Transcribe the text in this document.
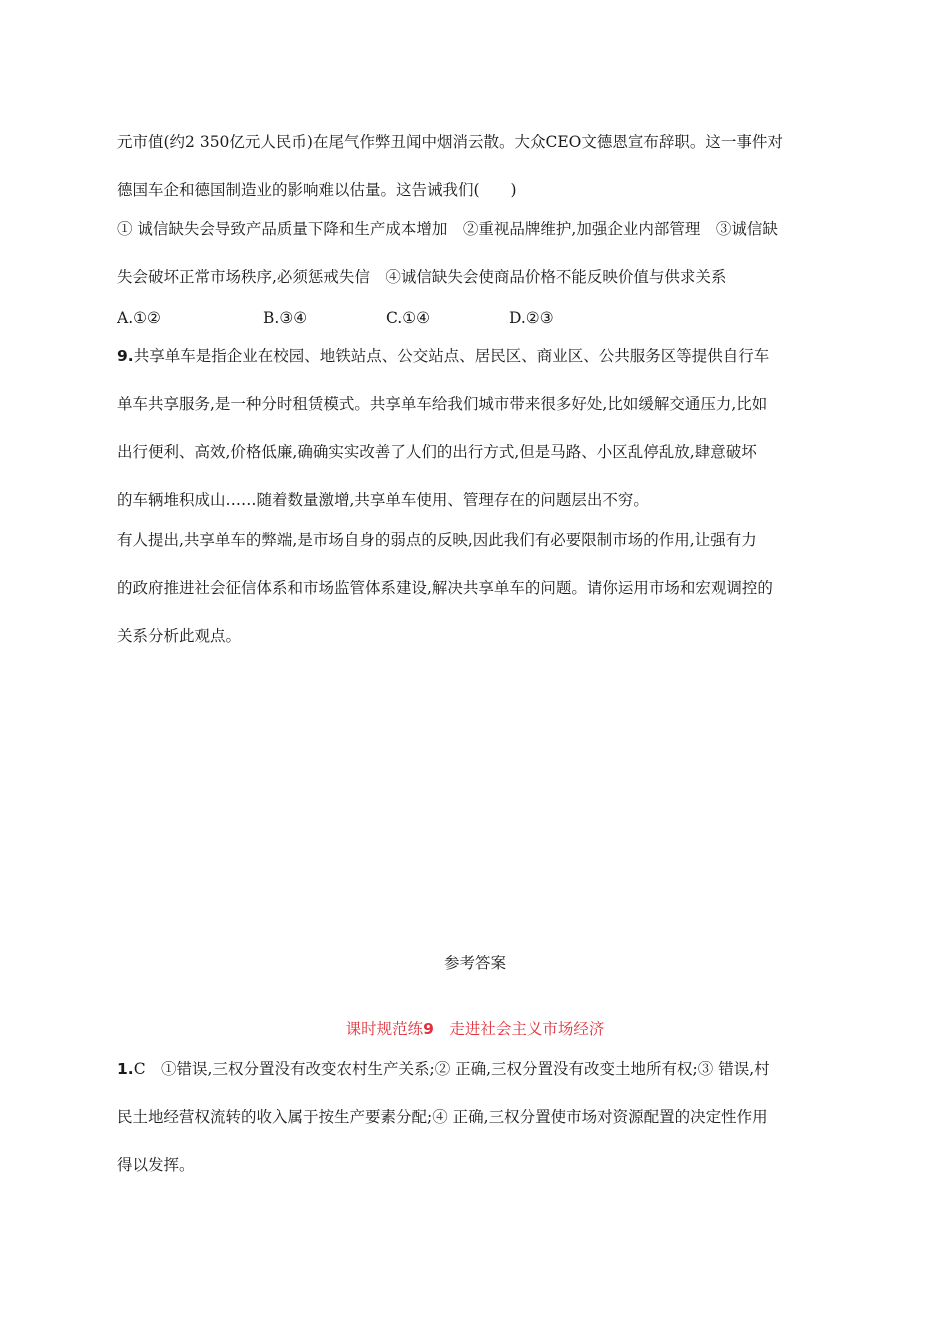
元市值(约2 350亿元人民币)在尾气作弊丑闻中烟消云散。大众CEO文德恩宣布辞职。这一事件对
德国车企和德国制造业的影响难以估量。这告诫我们(　　)
① 诚信缺失会导致产品质量下降和生产成本增加　②重视品牌维护,加强企业内部管理　③诚信缺
失会破坏正常市场秩序,必须惩戒失信　④诚信缺失会使商品价格不能反映价值与供求关系
A.①②	B.③④	C.①④	D.②③
9.共享单车是指企业在校园、地铁站点、公交站点、居民区、商业区、公共服务区等提供自行车
单车共享服务,是一种分时租赁模式。共享单车给我们城市带来很多好处,比如缓解交通压力,比如
出行便利、高效,价格低廉,确确实实改善了人们的出行方式,但是马路、小区乱停乱放,肆意破坏
的车辆堆积成山……随着数量激增,共享单车使用、管理存在的问题层出不穷。
有人提出,共享单车的弊端,是市场自身的弱点的反映,因此我们有必要限制市场的作用,让强有力
的政府推进社会征信体系和市场监管体系建设,解决共享单车的问题。请你运用市场和宏观调控的
关系分析此观点。
参考答案
课时规范练9　 走进社会主义市场经济
1.C　①错误,三权分置没有改变农村生产关系;② 正确,三权分置没有改变土地所有权;③ 错误,村
民土地经营权流转的收入属于按生产要素分配;④ 正确,三权分置使市场对资源配置的决定性作用
得以发挥。
